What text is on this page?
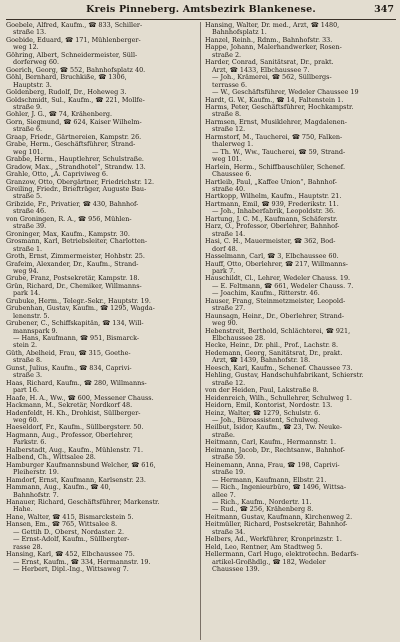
Kreis Pinneberg. Amtsbezirk Blankenese.	347
Goebele, Alfred, Kaufm., ☎ 833, Schiller-
straße 13.
Goebide, Eduard, ☎ 171, Mühlenberger-
weg 12.
Göhring, Albert, Schneidermeister, Süll-
dorferweg 60.
Goerich, Georg, ☎ 552, Bahnhofsplatz 40.
Göhl, Bernhard, Bruchkiße, ☎ 1306,
Hauptstr. 3.
Goldenberg, Rudolf, Dr., Hoheweg 3.
Goldschmidt, Sul., Kaufm., ☎ 221, Mollfe-
straße 9.
Gohler, J. G., ☎ 74, Krähenberg.
Gorn, Siegmund, ☎ 624, Kaiser Wilhelm-
straße 6.
Graap, Friedr., Gärtnereien, Kampstr. 26.
Grabe, Herm., Geschäftsführer, Strand-
weg 101.
Grabbe, Herm., Hauptlehrer, Schulstraße.
Gradow, Max., „Strandhotel“, Strandw. 13.
Grahle, Otto, „A. Capriviweg 6.
Granzow, Otto, Obergärtner, Friedrichstr. 12.
Greiling, Friedr., Briefträger, Auguste Bau-
straße 5.
Gribzide, Fr., Privatier, ☎ 430, Bahnhof-
straße 46.
von Groningen, R. A., ☎ 956, Mühlen-
straße 39.
Groninger, Max, Kaufm., Kampstr. 30.
Grosmann, Karl, Betriebsleiter, Charlotten-
straße 1.
Groth, Ernst, Zimmermeister, Hohbstr. 25.
Grafeim, Alexander, Dr., Kaufm., Strand-
weg 94.
Grube, Franz, Postsekretär, Kampstr. 18.
Grün, Richard, Dr., Chemiker, Willmanns-
park 14.
Grubuke, Herm., Telegr.-Sekr., Hauptstr. 19.
Grubenhan, Gustav, Kaufm., ☎ 1295, Wagda-
lenenstr. 5.
Grubener, C., Schiffskapitän, ☎ 134, Will-
mannspark 9.
— Hans, Kaufmann, ☎ 951, Bismarck-
stein 2.
Güth, Abelheid, Frau, ☎ 315, Goethe-
straße 8.
Gunst, Julius, Kaufm., ☎ 834, Caprivi-
straße 3.
Haas, Richard, Kaufm., ☎ 280, Willmanns-
part 16.
Haafe, H. A., Ww., ☎ 600, Messener Chauss.
Hackmann, M., Sekretär, Nordkorf 48.
Hadenfeldt, H. Kh., Drohkist, Süllberger-
weg 60.
Haeseldorf, Fr., Kaufm., Süllbergsterr. 50.
Hagmann, Aug., Professor, Oberlehrer,
Parkstr. 6.
Halberstadt, Aug., Kaufm., Mühlenstr. 71.
Halbend, Ch., Wittsalee 28.
Hamburger Kaufmannsbund Welcher, ☎ 616,
Pleiherstr. 19.
Hamdorf, Ernst, Kaufmann, Karlsenstr. 23.
Hammann, Aug., Kaufm., ☎ 40,
Bahnhofstr. 7.
Hanauer, Richard, Geschäftsführer, Markenstr.
Hahe.
Hane, Walter, ☎ 415, Bismarckstein 5.
Hansen, Em., ☎ 765, Wittsalee 8.
— Gettih D., Oberst, Nordaster. 2.
— Ernst-Adolf, Kaufm., Süllbergter-
rasse 28.
Hansing, Karl, ☎ 452, Elbchaussee 75.
— Ernst, Kaufm., ☎ 334, Hermannstr. 19.
— Herbert, Dipl.-Ing., Wittsaweg 7.
Hansing, Walter, Dr. med., Arzt, ☎ 1480,
Bahnhofsplatz 1.
Hanzel, Reinh., Rdnm., Bahnhofstr. 33.
Happe, Johann, Malerhandwerker, Rosen-
straße 2.
Harder, Conrad, Sanitätsrat, Dr., prakt.
Arzt, ☎ 1433, Elbchaussee 7.
— Joh., Krämerei, ☎ 562, Süllbergs-
terrasse 6.
— W., Geschäftsführer, Wedeler Chaussee 19
Hardt, G. W., Kaufm., ☎ 14, Faltenstein 1.
Harms, Peter, Geschäftsführer, Hochkampstr.
straße 8.
Harmsen, Ernst, Musiklehrer, Magdalenen-
straße 12.
Harmstorf, M., Taucherei, ☎ 750, Falken-
thalerweg 1.
— Th. W., Ww., Taucherei, ☎ 59, Strand-
weg 101.
Harlein, Herm., Schiffbauschüler, Schenef.
Chaussee 6.
Hartleib, Paul, „Kaffee Union“, Bahnhof-
straße 40.
Hartkopp, Wilhelm, Kaufm., Hauptstr. 21.
Hartmann, Emil, ☎ 939, Frederikstr. 11.
— Joh., Inhaberfabrik, Leopoldstr. 36.
Hartung, J. C. M., Kaufmann, Schäferstr.
Harz, O., Professor, Oberlehrer, Bahnhof-
straße 14.
Hasi, C. H., Mauermeister, ☎ 362, Bod-
dorf 48.
Hasselmann, Carl, ☎ 3, Elbchaussee 60.
Hauff, Otto, Oberlehrer, ☎ 217, Willmanns-
park 7.
Hauschildt, Cl., Lehrer, Wedeler Chauss. 19.
— E. Feltmann, ☎ 661, Wedeler Chauss. 7.
— Joachim, Kaufm., Ritterstr. 46.
Hauser, Frang, Steinmetzmeister, Leopold-
straße 27.
Haunsagn, Heinr., Dr., Oberlehrer, Strand-
weg 90.
Hebenstreit, Berthold, Schlächterei, ☎ 921,
Elbchaussee 28.
Hecke, Heinr., Dr. phil., Prof., Lachstr. 8.
Hedemann, Georg, Sanitätsrat, Dr., prakt.
Arzt, ☎ 1439, Bahnhofstr. 18.
Heesch, Karl, Kaufm., Schenef. Chaussee 73.
Hehling, Gustav, Handschuhfabrikant, Schierstr.
straße 12.
von der Heiden, Paul, Lakstraße 8.
Heidenreich, Wilh., Schullehrer, Schulweg 1.
Heidorn, Emil, Kontorist, Nordostr. 13.
Heinz, Walter, ☎ 1279, Schulstr. 6.
— Joh., Büroassistent, Schulweg.
Heilbut, Isidor, Kaufm., ☎ 23, Tw. Neuke-
straße.
Heitmann, Carl, Kaufm., Hermannstr. 1.
Heimann, Jacob, Dr., Rechtsanw., Bahnhof-
straße 59.
Heinemann, Anna, Frau, ☎ 198, Caprivi-
straße 19.
— Hermann, Kaufmann, Elbstr. 21.
— Rich., Ingenieurbüro, ☎ 1496, Wittsa-
allee 7.
— Rich., Kaufm., Nordertr. 11.
— Rud., ☎ 256, Krähenberg 8.
Heitmann, Gustav, Kaufmann, Kirchenweg 2.
Heitmüller, Richard, Postsekretär, Bahnhof-
straße 34.
Helbers, Ad., Werkführer, Kronprinzstr. 1.
Held, Leo, Rentner, Am Stadtweg 5.
Hellermann, Carl Hugo, elektrotechn. Bedarfs-
artikel-Großhdlg., ☎ 182, Wedeler
Chaussee 139.
